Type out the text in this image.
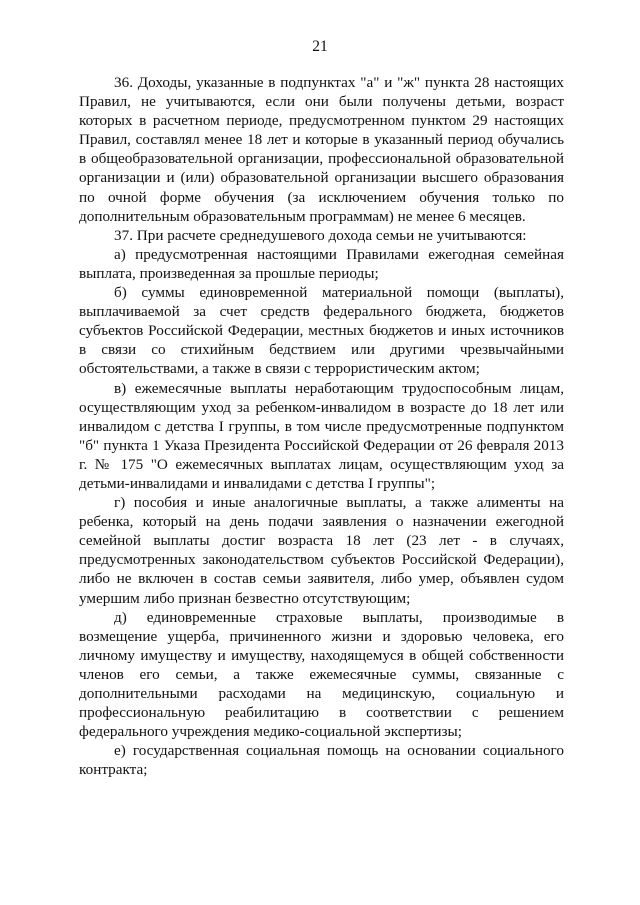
21

36. Доходы, указанные в подпунктах "а" и "ж" пункта 28 настоящих Правил, не учитываются, если они были получены детьми, возраст которых в расчетном периоде, предусмотренном пунктом 29 настоящих Правил, составлял менее 18 лет и которые в указанный период обучались в общеобразовательной организации, профессиональной образовательной организации и (или) образовательной организации высшего образования по очной форме обучения (за исключением обучения только по дополнительным образовательным программам) не менее 6 месяцев.

37. При расчете среднедушевого дохода семьи не учитываются:

а) предусмотренная настоящими Правилами ежегодная семейная выплата, произведенная за прошлые периоды;

б) суммы единовременной материальной помощи (выплаты), выплачиваемой за счет средств федерального бюджета, бюджетов субъектов Российской Федерации, местных бюджетов и иных источников в связи со стихийным бедствием или другими чрезвычайными обстоятельствами, а также в связи с террористическим актом;

в) ежемесячные выплаты неработающим трудоспособным лицам, осуществляющим уход за ребенком-инвалидом в возрасте до 18 лет или инвалидом с детства I группы, в том числе предусмотренные подпунктом "б" пункта 1 Указа Президента Российской Федерации от 26 февраля 2013 г. № 175 "О ежемесячных выплатах лицам, осуществляющим уход за детьми-инвалидами и инвалидами с детства I группы";

г) пособия и иные аналогичные выплаты, а также алименты на ребенка, который на день подачи заявления о назначении ежегодной семейной выплаты достиг возраста 18 лет (23 лет - в случаях, предусмотренных законодательством субъектов Российской Федерации), либо не включен в состав семьи заявителя, либо умер, объявлен судом умершим либо признан безвестно отсутствующим;

д) единовременные страховые выплаты, производимые в возмещение ущерба, причиненного жизни и здоровью человека, его личному имуществу и имуществу, находящемуся в общей собственности членов его семьи, а также ежемесячные суммы, связанные с дополнительными расходами на медицинскую, социальную и профессиональную реабилитацию в соответствии с решением федерального учреждения медико-социальной экспертизы;

е) государственная социальная помощь на основании социального контракта;
